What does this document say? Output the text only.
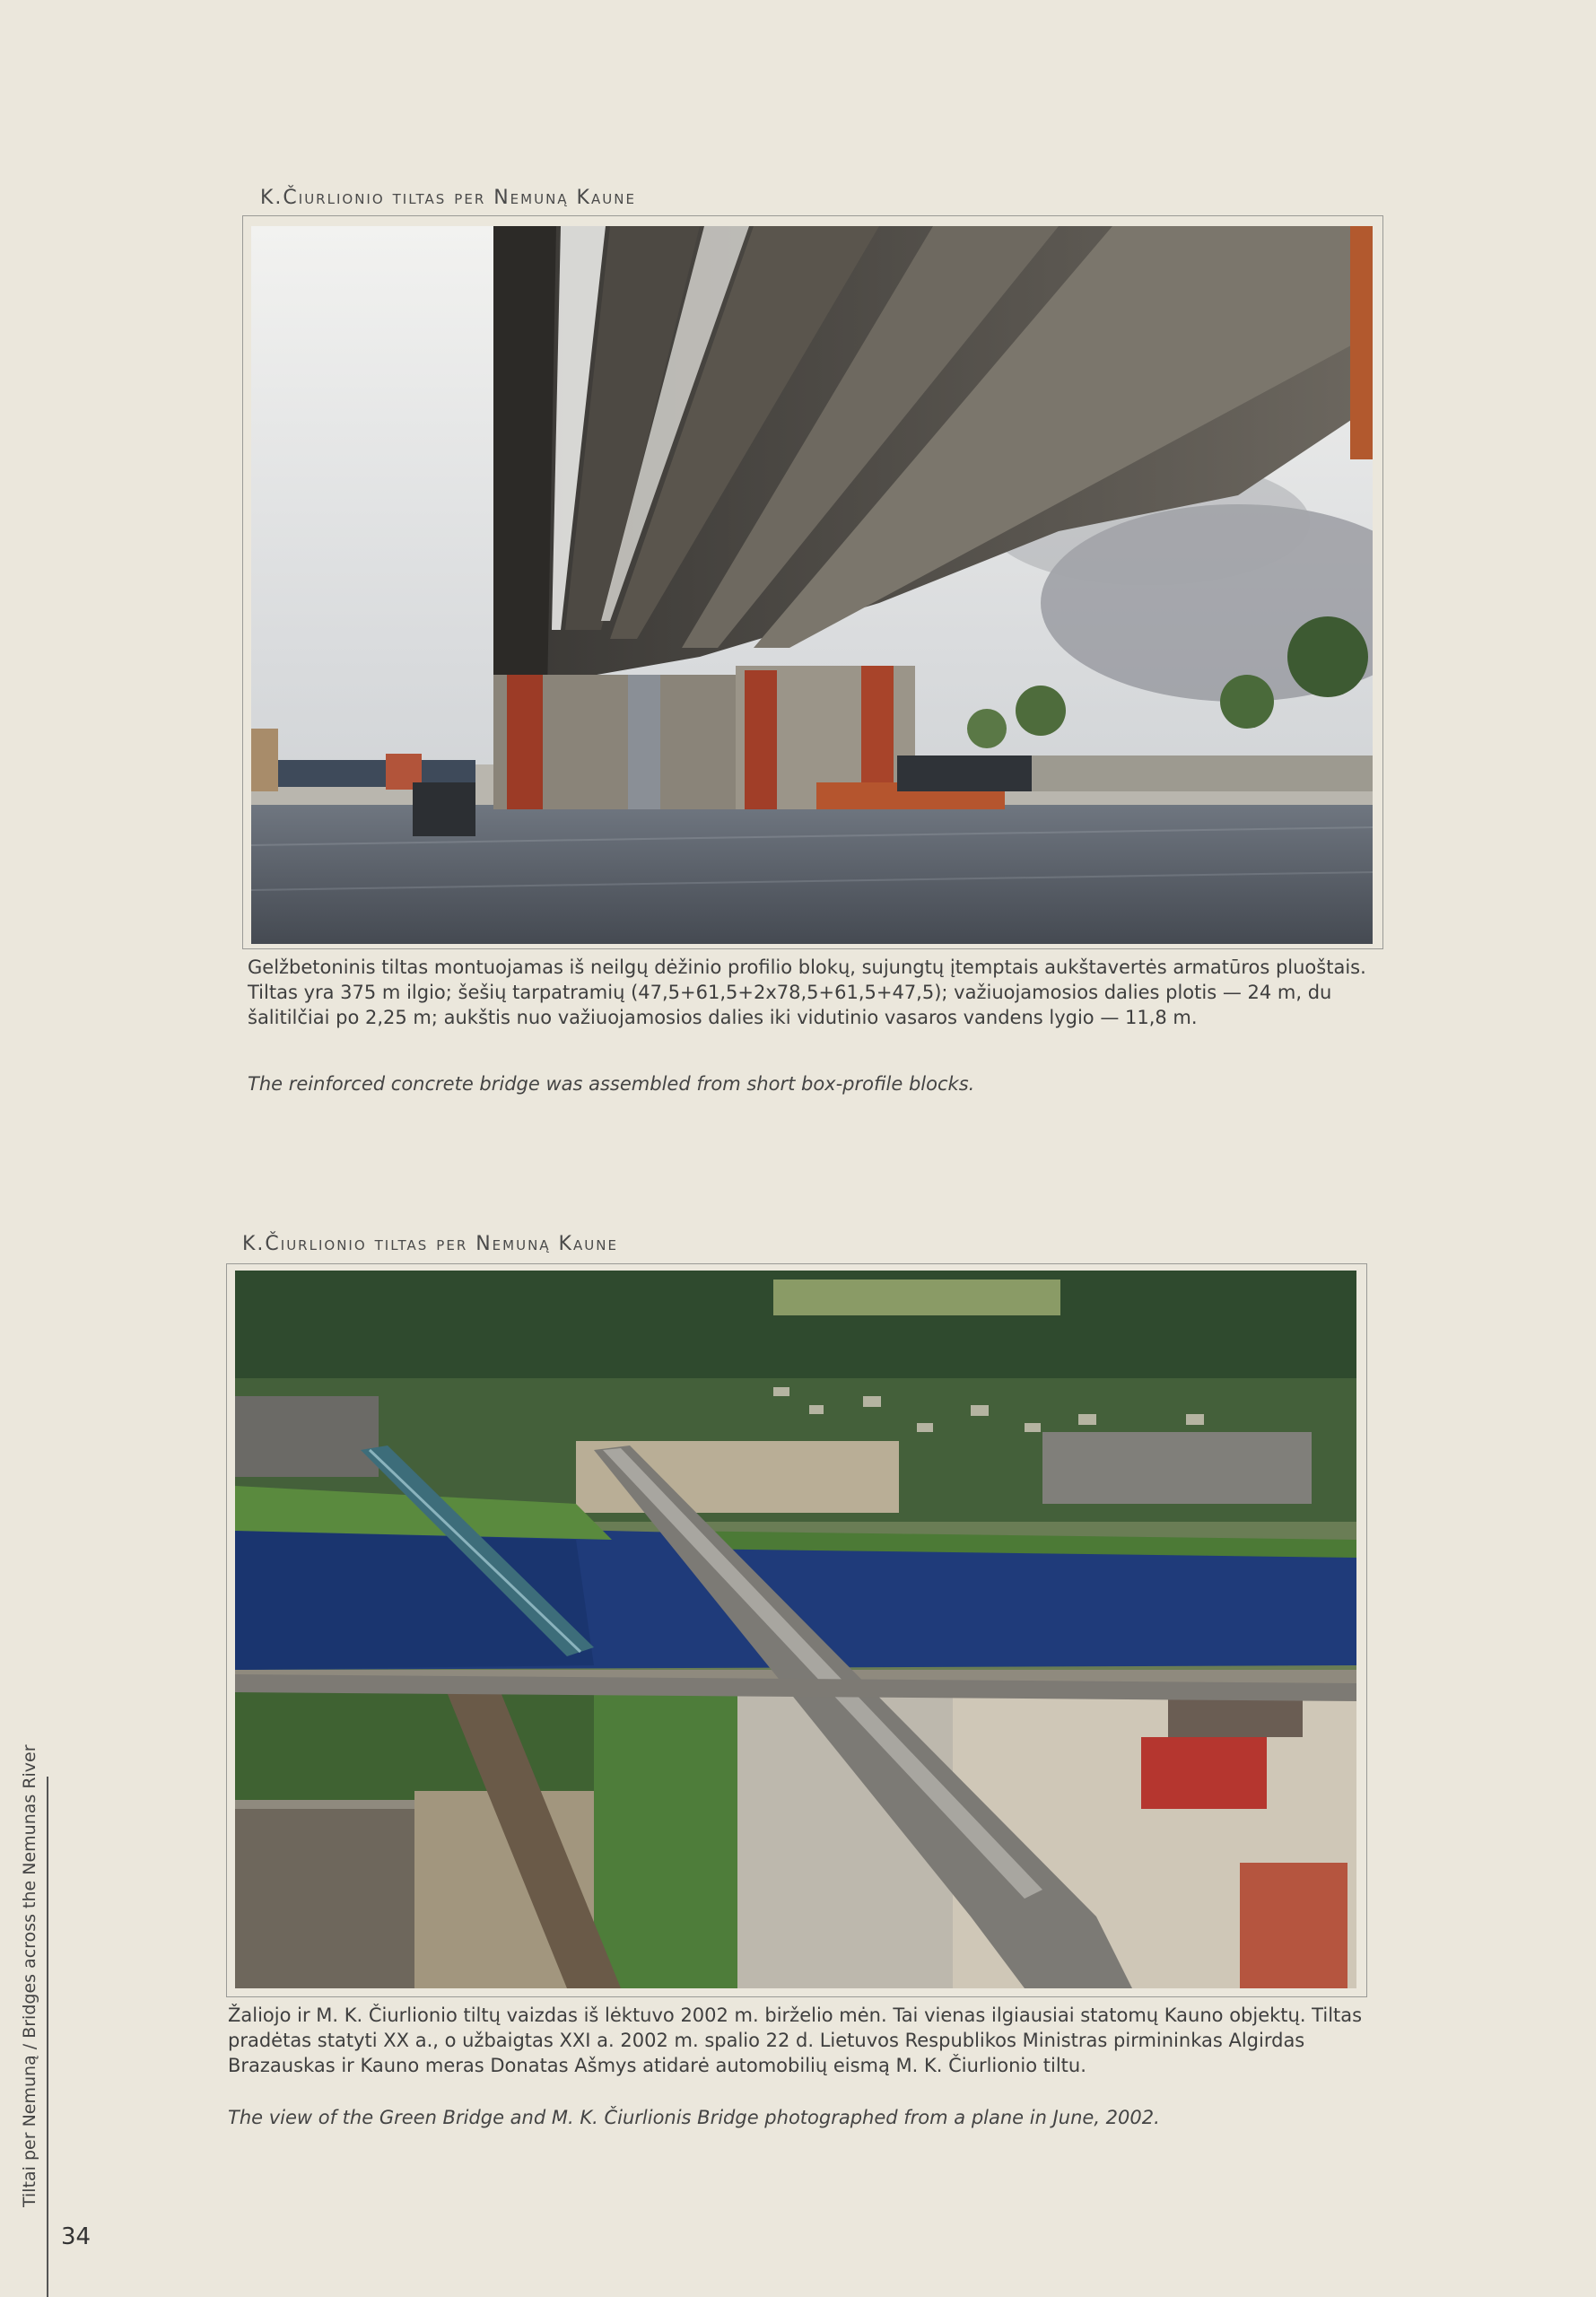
K.Čiurlionio tiltas per Nemuną Kaune
Gelžbetoninis tiltas montuojamas iš neilgų dėžinio profilio blokų, sujungtų įtemptais aukštavertės armatūros pluoštais. Tiltas yra 375 m ilgio; šešių tarpatramių (47,5+61,5+2x78,5+61,5+47,5); važiuojamosios dalies plotis — 24 m, du šalitilčiai po 2,25 m; aukštis nuo važiuojamosios dalies iki vidutinio vasaros vandens lygio — 11,8 m.
The reinforced concrete bridge was assembled from short box-profile blocks.
K.Čiurlionio tiltas per Nemuną Kaune
Žaliojo ir M. K. Čiurlionio tiltų vaizdas iš lėktuvo 2002 m. birželio mėn. Tai vienas ilgiausiai statomų Kauno objektų. Tiltas pradėtas statyti XX a., o užbaigtas XXI a. 2002 m. spalio 22 d. Lietuvos Respublikos Ministras pirmininkas Algirdas Brazauskas ir Kauno meras Donatas Ašmys atidarė automobilių eismą M. K. Čiurlionio tiltu.
The view of the Green Bridge and M. K. Čiurlionis Bridge photographed from a plane in June, 2002.
Tiltai per Nemuną / Bridges across the Nemunas River
34
